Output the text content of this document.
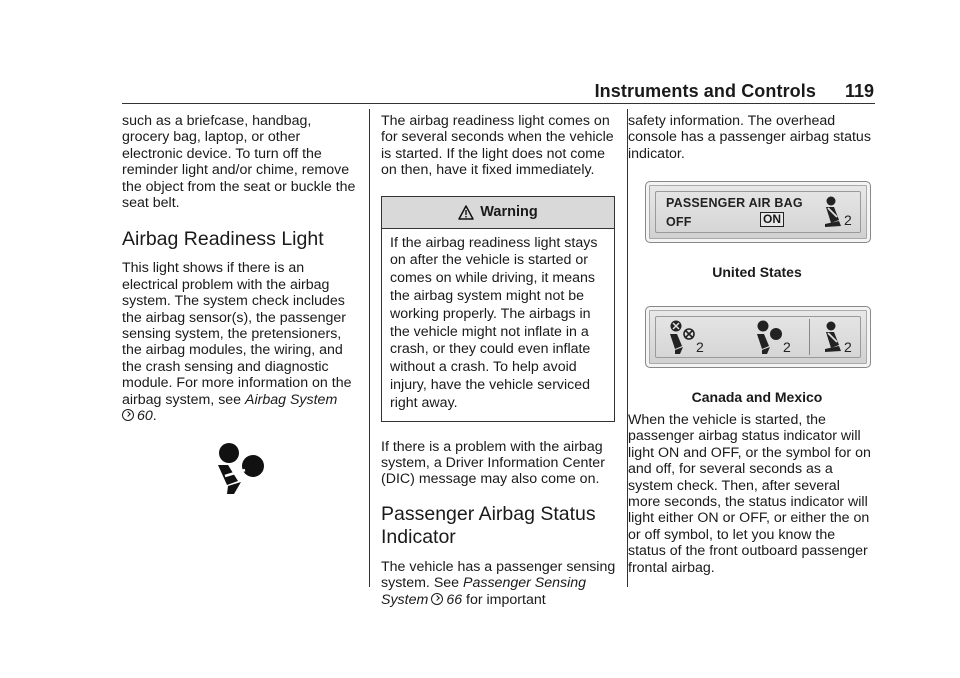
Instruments and Controls 119

such as a briefcase, handbag, grocery bag, laptop, or other electronic device. To turn off the reminder light and/or chime, remove the object from the seat or buckle the seat belt.

Airbag Readiness Light

This light shows if there is an electrical problem with the airbag system. The system check includes the airbag sensor(s), the passenger sensing system, the pretensioners, the airbag modules, the wiring, and the crash sensing and diagnostic module. For more information on the airbag system, see Airbag System
60.

The airbag readiness light comes on for several seconds when the vehicle is started. If the light does not come on then, have it fixed immediately.

Warning
If the airbag readiness light stays on after the vehicle is started or comes on while driving, it means the airbag system might not be working properly. The airbags in the vehicle might not inflate in a crash, or they could even inflate without a crash. To help avoid injury, have the vehicle serviced right away.

If there is a problem with the airbag system, a Driver Information Center (DIC) message may also come on.

Passenger Airbag Status Indicator

The vehicle has a passenger sensing system. See Passenger Sensing System 66 for important

safety information. The overhead console has a passenger airbag status indicator.

PASSENGER AIR BAG
OFF	ON	2
United States
2	2	2
Canada and Mexico

When the vehicle is started, the passenger airbag status indicator will light ON and OFF, or the symbol for on and off, for several seconds as a system check. Then, after several more seconds, the status indicator will light either ON or OFF, or either the on or off symbol, to let you know the status of the front outboard passenger frontal airbag.
